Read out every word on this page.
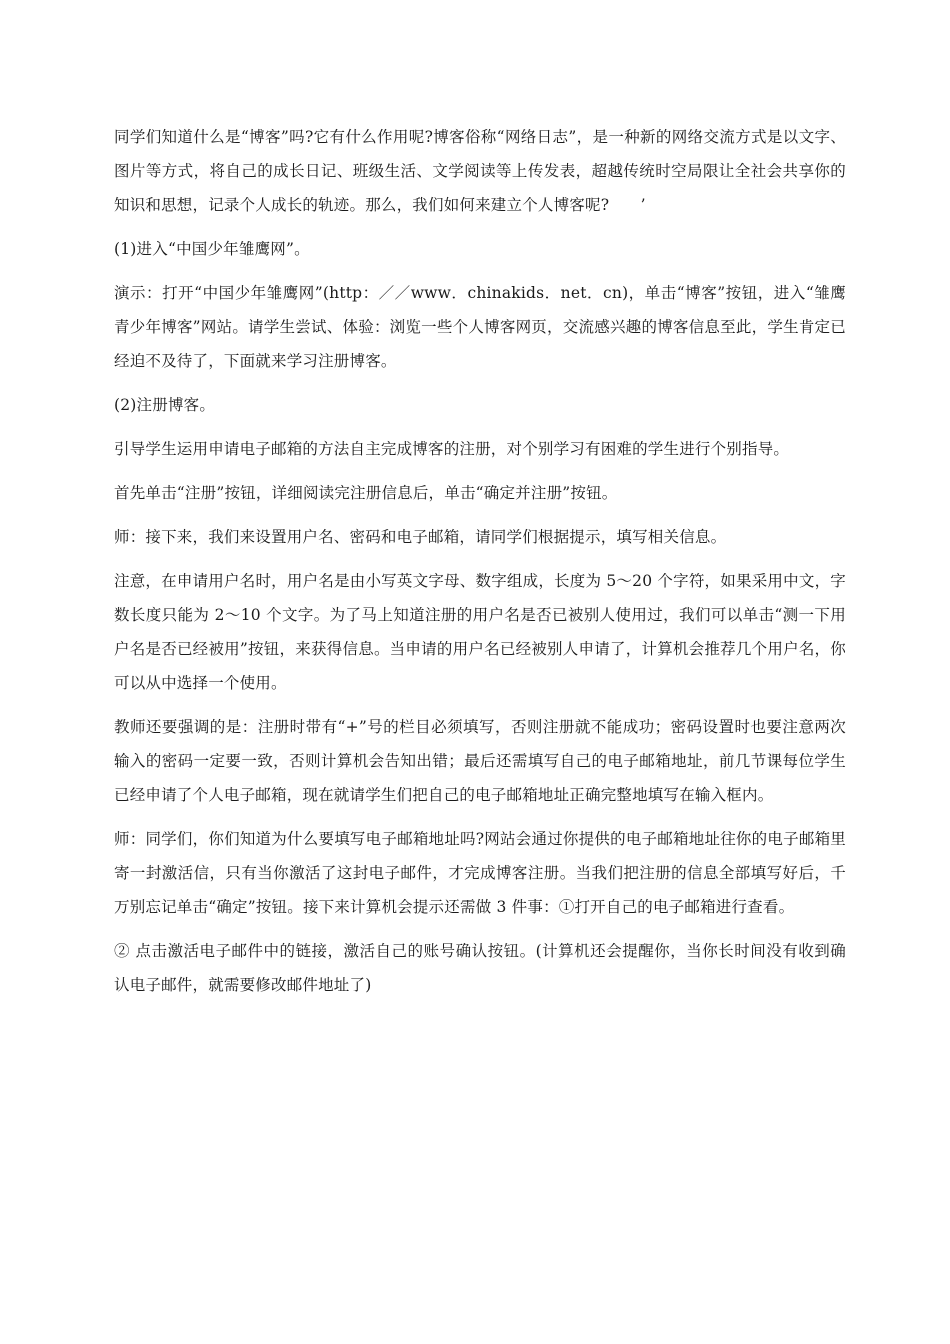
同学们知道什么是“博客”吗?它有什么作用呢?博客俗称“网络日志”，是一种新的网络交流方式是以文字、图片等方式，将自己的成长日记、班级生活、文学阅读等上传发表，超越传统时空局限让全社会共享你的知识和思想，记录个人成长的轨迹。那么，我们如何来建立个人博客呢?　　’

(1)进入“中国少年雏鹰网”。

演示：打开“中国少年雏鹰网”(http：／／www．chinakids．net．cn)，单击“博客”按钮，进入“雏鹰青少年博客”网站。请学生尝试、体验：浏览一些个人博客网页，交流感兴趣的博客信息至此，学生肯定已经迫不及待了，下面就来学习注册博客。

(2)注册博客。

引导学生运用申请电子邮箱的方法自主完成博客的注册，对个别学习有困难的学生进行个别指导。

首先单击“注册”按钮，详细阅读完注册信息后，单击“确定并注册”按钮。

师：接下来，我们来设置用户名、密码和电子邮箱，请同学们根据提示，填写相关信息。

注意，在申请用户名时，用户名是由小写英文字母、数字组成，长度为 5～20 个字符，如果采用中文，字数长度只能为 2～10 个文字。为了马上知道注册的用户名是否已被别人使用过，我们可以单击“测一下用户名是否已经被用”按钮，来获得信息。当申请的用户名已经被别人申请了，计算机会推荐几个用户名，你可以从中选择一个使用。

教师还要强调的是：注册时带有“+”号的栏目必须填写，否则注册就不能成功；密码设置时也要注意两次输入的密码一定要一致，否则计算机会告知出错；最后还需填写自己的电子邮箱地址，前几节课每位学生已经申请了个人电子邮箱，现在就请学生们把自己的电子邮箱地址正确完整地填写在输入框内。

师：同学们，你们知道为什么要填写电子邮箱地址吗?网站会通过你提供的电子邮箱地址往你的电子邮箱里寄一封激活信，只有当你激活了这封电子邮件，才完成博客注册。当我们把注册的信息全部填写好后，千万别忘记单击“确定”按钮。接下来计算机会提示还需做 3 件事：①打开自己的电子邮箱进行查看。

② 点击激活电子邮件中的链接，激活自己的账号确认按钮。(计算机还会提醒你，当你长时间没有收到确认电子邮件，就需要修改邮件地址了)
